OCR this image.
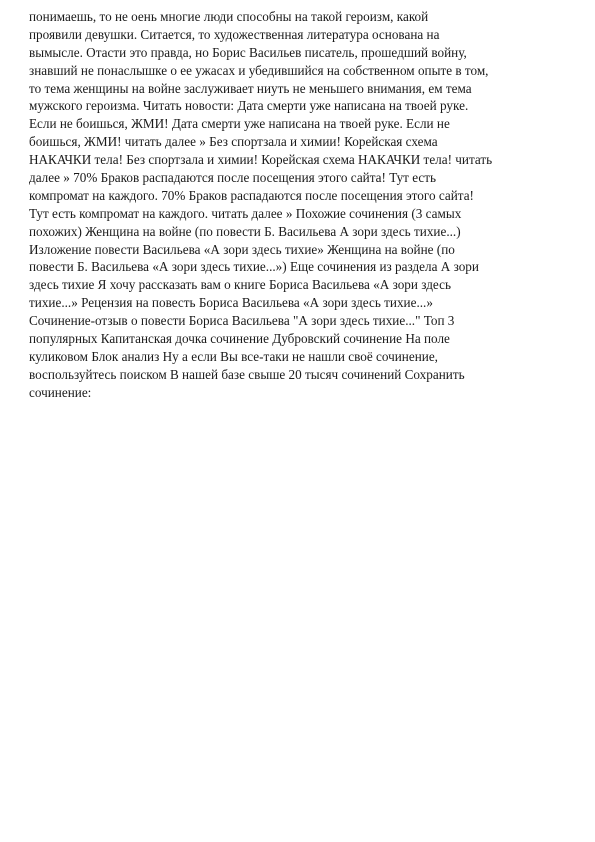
понимаешь, то не оень многие люди способны на такой героизм, какой
проявили девушки. Ситается, то художественная литература основана на
вымысле. Отасти это правда, но Борис Васильев писатель, прошедший войну,
знавший не понаслышке о ее ужасах и убедившийся на собственном опыте в том,
то тема женщины на войне заслуживает ниуть не меньшего внимания, ем тема
мужского героизма. Читать новости: Дата смерти уже написана на твоей руке.
Если не боишься, ЖМИ! Дата смерти уже написана на твоей руке. Если не
боишься, ЖМИ! читать далее » Без спортзала и химии! Корейская схема
НАКАЧКИ тела! Без спортзала и химии! Корейская схема НАКАЧКИ тела! читать
далее » 70% Браков распадаются после посещения этого сайта! Тут есть
компромат на каждого. 70% Браков распадаются после посещения этого сайта!
Тут есть компромат на каждого. читать далее » Похожие сочинения (3 самых
похожих) Женщина на войне (по повести Б. Васильева А зори здесь тихие...)
Изложение повести Васильева «А зори здесь тихие» Женщина на войне (по
повести Б. Васильева «А зори здесь тихие...») Еще сочинения из раздела А зори
здесь тихие Я хочу рассказать вам о книге Бориса Васильева «А зори здесь
тихие...» Рецензия на повесть Бориса Васильева «А зори здесь тихие...»
Сочинение-отзыв о повести Бориса Васильева "А зори здесь тихие..." Топ 3
популярных Капитанская дочка сочинение Дубровский сочинение На поле
куликовом Блок анализ Ну а если Вы все-таки не нашли своё сочинение,
воспользуйтесь поиском В нашей базе свыше 20 тысяч сочинений Сохранить
сочинение:
